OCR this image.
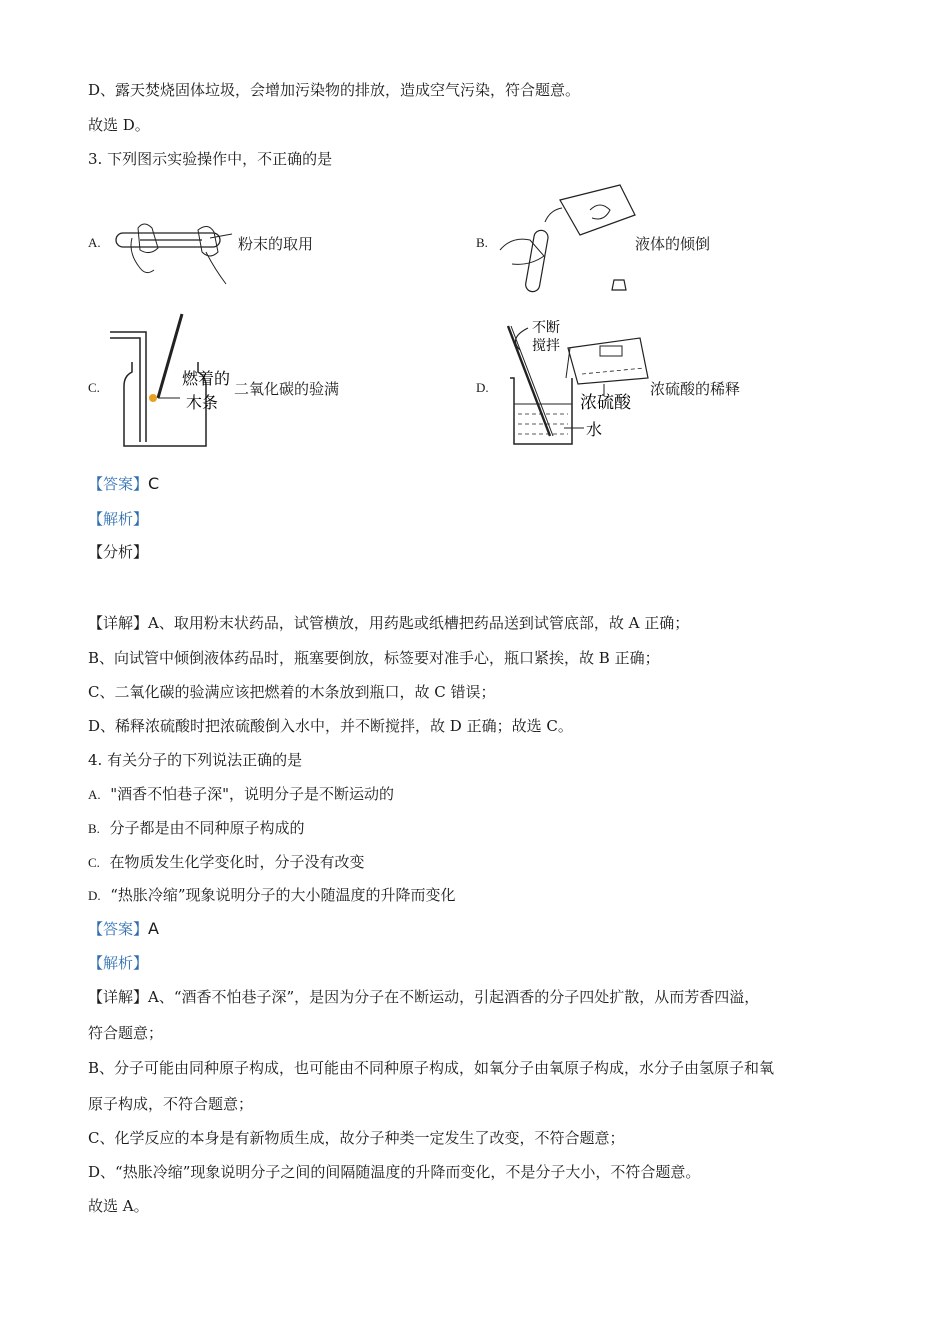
D、露天焚烧固体垃圾，会增加污染物的排放，造成空气污染，符合题意。
故选 D。
3. 下列图示实验操作中，不正确的是
A.	粉末的取用	B.	液体的倾倒
C.	燃着的
木条
二氧化碳的验满	D.
不断
搅拌
浓硫酸
水
浓硫酸的稀释
【答案】C
【解析】
【分析】
【详解】A、取用粉末状药品，试管横放，用药匙或纸槽把药品送到试管底部，故 A 正确；
B、向试管中倾倒液体药品时，瓶塞要倒放，标签要对准手心，瓶口紧挨，故 B 正确；
C、二氧化碳的验满应该把燃着的木条放到瓶口，故 C 错误；
D、稀释浓硫酸时把浓硫酸倒入水中，并不断搅拌，故 D 正确；故选 C。
4. 有关分子的下列说法正确的是
A. "酒香不怕巷子深"，说明分子是不断运动的
B. 分子都是由不同种原子构成的
C. 在物质发生化学变化时，分子没有改变
D. “热胀冷缩”现象说明分子的大小随温度的升降而变化
【答案】A
【解析】
【详解】A、“酒香不怕巷子深”，是因为分子在不断运动，引起酒香的分子四处扩散，从而芳香四溢，
符合题意；
B、分子可能由同种原子构成，也可能由不同种原子构成，如氧分子由氧原子构成，水分子由氢原子和氧
原子构成，不符合题意；
C、化学反应的本身是有新物质生成，故分子种类一定发生了改变，不符合题意；
D、“热胀冷缩”现象说明分子之间的间隔随温度的升降而变化，不是分子大小，不符合题意。
故选 A。
